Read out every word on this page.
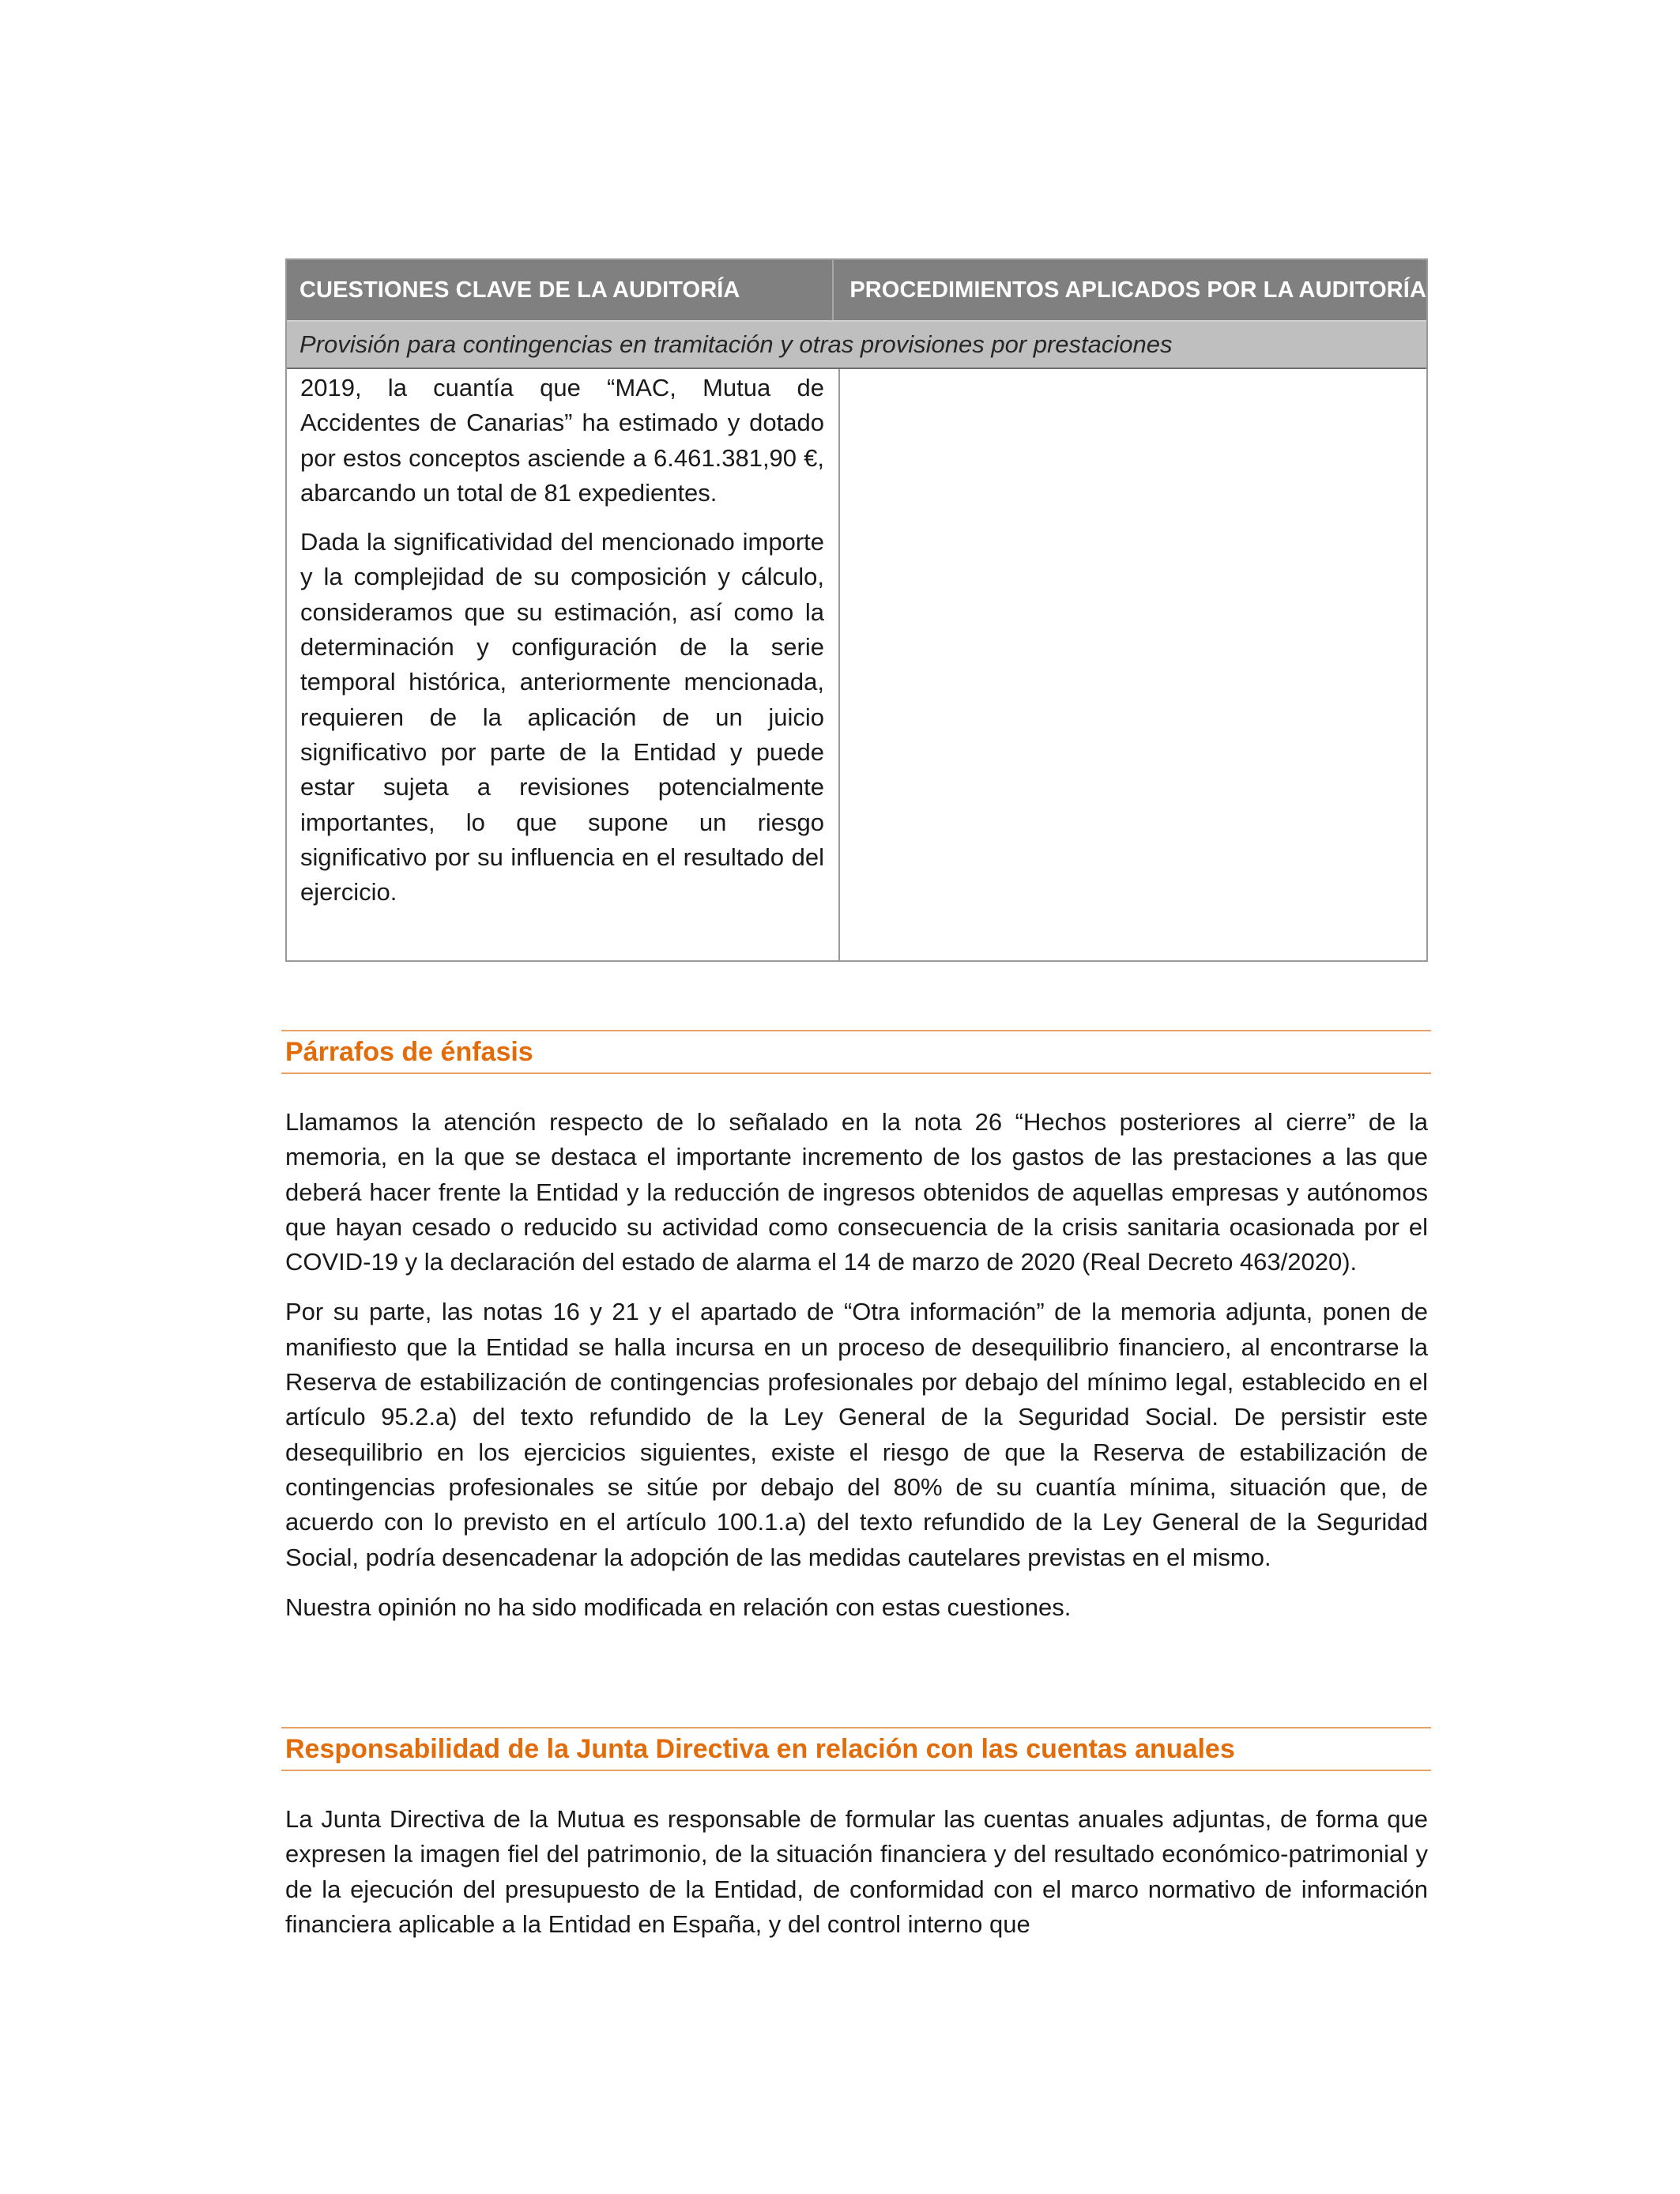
CUESTIONES CLAVE DE LA AUDITORÍA	PROCEDIMIENTOS APLICADOS POR LA AUDITORÍA
Provisión para contingencias en tramitación y otras provisiones por prestaciones

2019, la cuantía que “MAC, Mutua de Accidentes de Canarias” ha estimado y dotado por estos conceptos asciende a 6.461.381,90 €, abarcando un total de 81 expedientes.

Dada la significatividad del mencionado importe y la complejidad de su composición y cálculo, consideramos que su estimación, así como la determinación y configuración de la serie temporal histórica, anteriormente mencionada, requieren de la aplicación de un juicio significativo por parte de la Entidad y puede estar sujeta a revisiones potencialmente importantes, lo que supone un riesgo significativo por su influencia en el resultado del ejercicio.

Párrafos de énfasis

Llamamos la atención respecto de lo señalado en la nota 26 “Hechos posteriores al cierre” de la memoria, en la que se destaca el importante incremento de los gastos de las prestaciones a las que deberá hacer frente la Entidad y la reducción de ingresos obtenidos de aquellas empresas y autónomos que hayan cesado o reducido su actividad como consecuencia de la crisis sanitaria ocasionada por el COVID-19 y la declaración del estado de alarma el 14 de marzo de 2020 (Real Decreto 463/2020).

Por su parte, las notas 16 y 21 y el apartado de “Otra información” de la memoria adjunta, ponen de manifiesto que la Entidad se halla incursa en un proceso de desequilibrio financiero, al encontrarse la Reserva de estabilización de contingencias profesionales por debajo del mínimo legal, establecido en el artículo 95.2.a) del texto refundido de la Ley General de la Seguridad Social. De persistir este desequilibrio en los ejercicios siguientes, existe el riesgo de que la Reserva de estabilización de contingencias profesionales se sitúe por debajo del 80% de su cuantía mínima, situación que, de acuerdo con lo previsto en el artículo 100.1.a) del texto refundido de la Ley General de la Seguridad Social, podría desencadenar la adopción de las medidas cautelares previstas en el mismo.

Nuestra opinión no ha sido modificada en relación con estas cuestiones.

Responsabilidad de la Junta Directiva en relación con las cuentas anuales

La Junta Directiva de la Mutua es responsable de formular las cuentas anuales adjuntas, de forma que expresen la imagen fiel del patrimonio, de la situación financiera y del resultado económico-patrimonial y de la ejecución del presupuesto de la Entidad, de conformidad con el marco normativo de información financiera aplicable a la Entidad en España, y del control interno que
